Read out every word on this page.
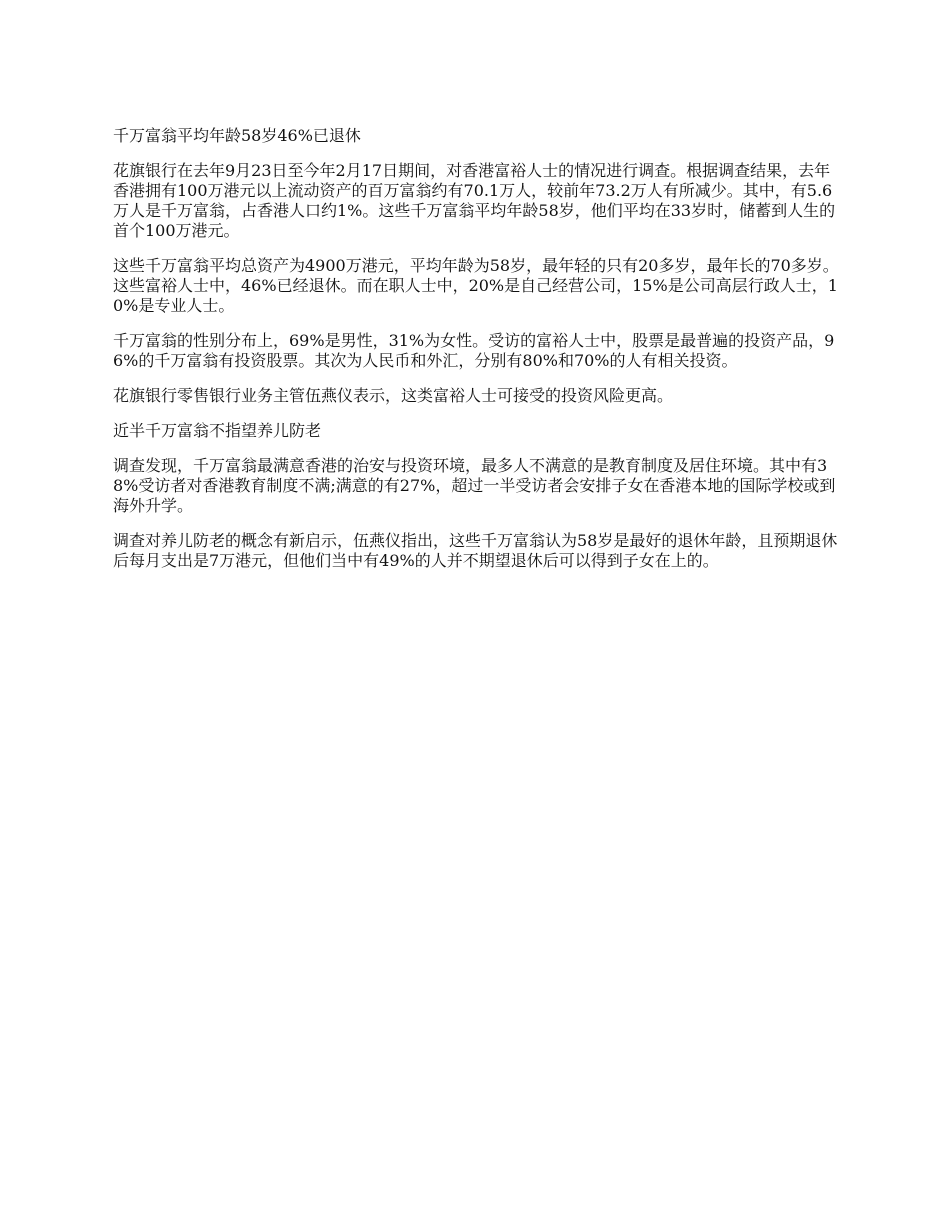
千万富翁平均年龄58岁46%已退休

花旗银行在去年9月23日至今年2月17日期间，对香港富裕人士的情况进行调查。根据调查结果，去年香港拥有100万港元以上流动资产的百万富翁约有70.1万人，较前年73.2万人有所减少。其中，有5.6万人是千万富翁，占香港人口约1%。这些千万富翁平均年龄58岁，他们平均在33岁时，储蓄到人生的首个100万港元。

这些千万富翁平均总资产为4900万港元，平均年龄为58岁，最年轻的只有20多岁，最年长的70多岁。这些富裕人士中，46%已经退休。而在职人士中，20%是自己经营公司，15%是公司高层行政人士，10%是专业人士。

千万富翁的性别分布上，69%是男性，31%为女性。受访的富裕人士中，股票是最普遍的投资产品，96%的千万富翁有投资股票。其次为人民币和外汇，分别有80%和70%的人有相关投资。

花旗银行零售银行业务主管伍燕仪表示，这类富裕人士可接受的投资风险更高。

近半千万富翁不指望养儿防老

调查发现，千万富翁最满意香港的治安与投资环境，最多人不满意的是教育制度及居住环境。其中有38%受访者对香港教育制度不满;满意的有27%，超过一半受访者会安排子女在香港本地的国际学校或到海外升学。

调查对养儿防老的概念有新启示，伍燕仪指出，这些千万富翁认为58岁是最好的退休年龄，且预期退休后每月支出是7万港元，但他们当中有49%的人并不期望退休后可以得到子女在上的。
